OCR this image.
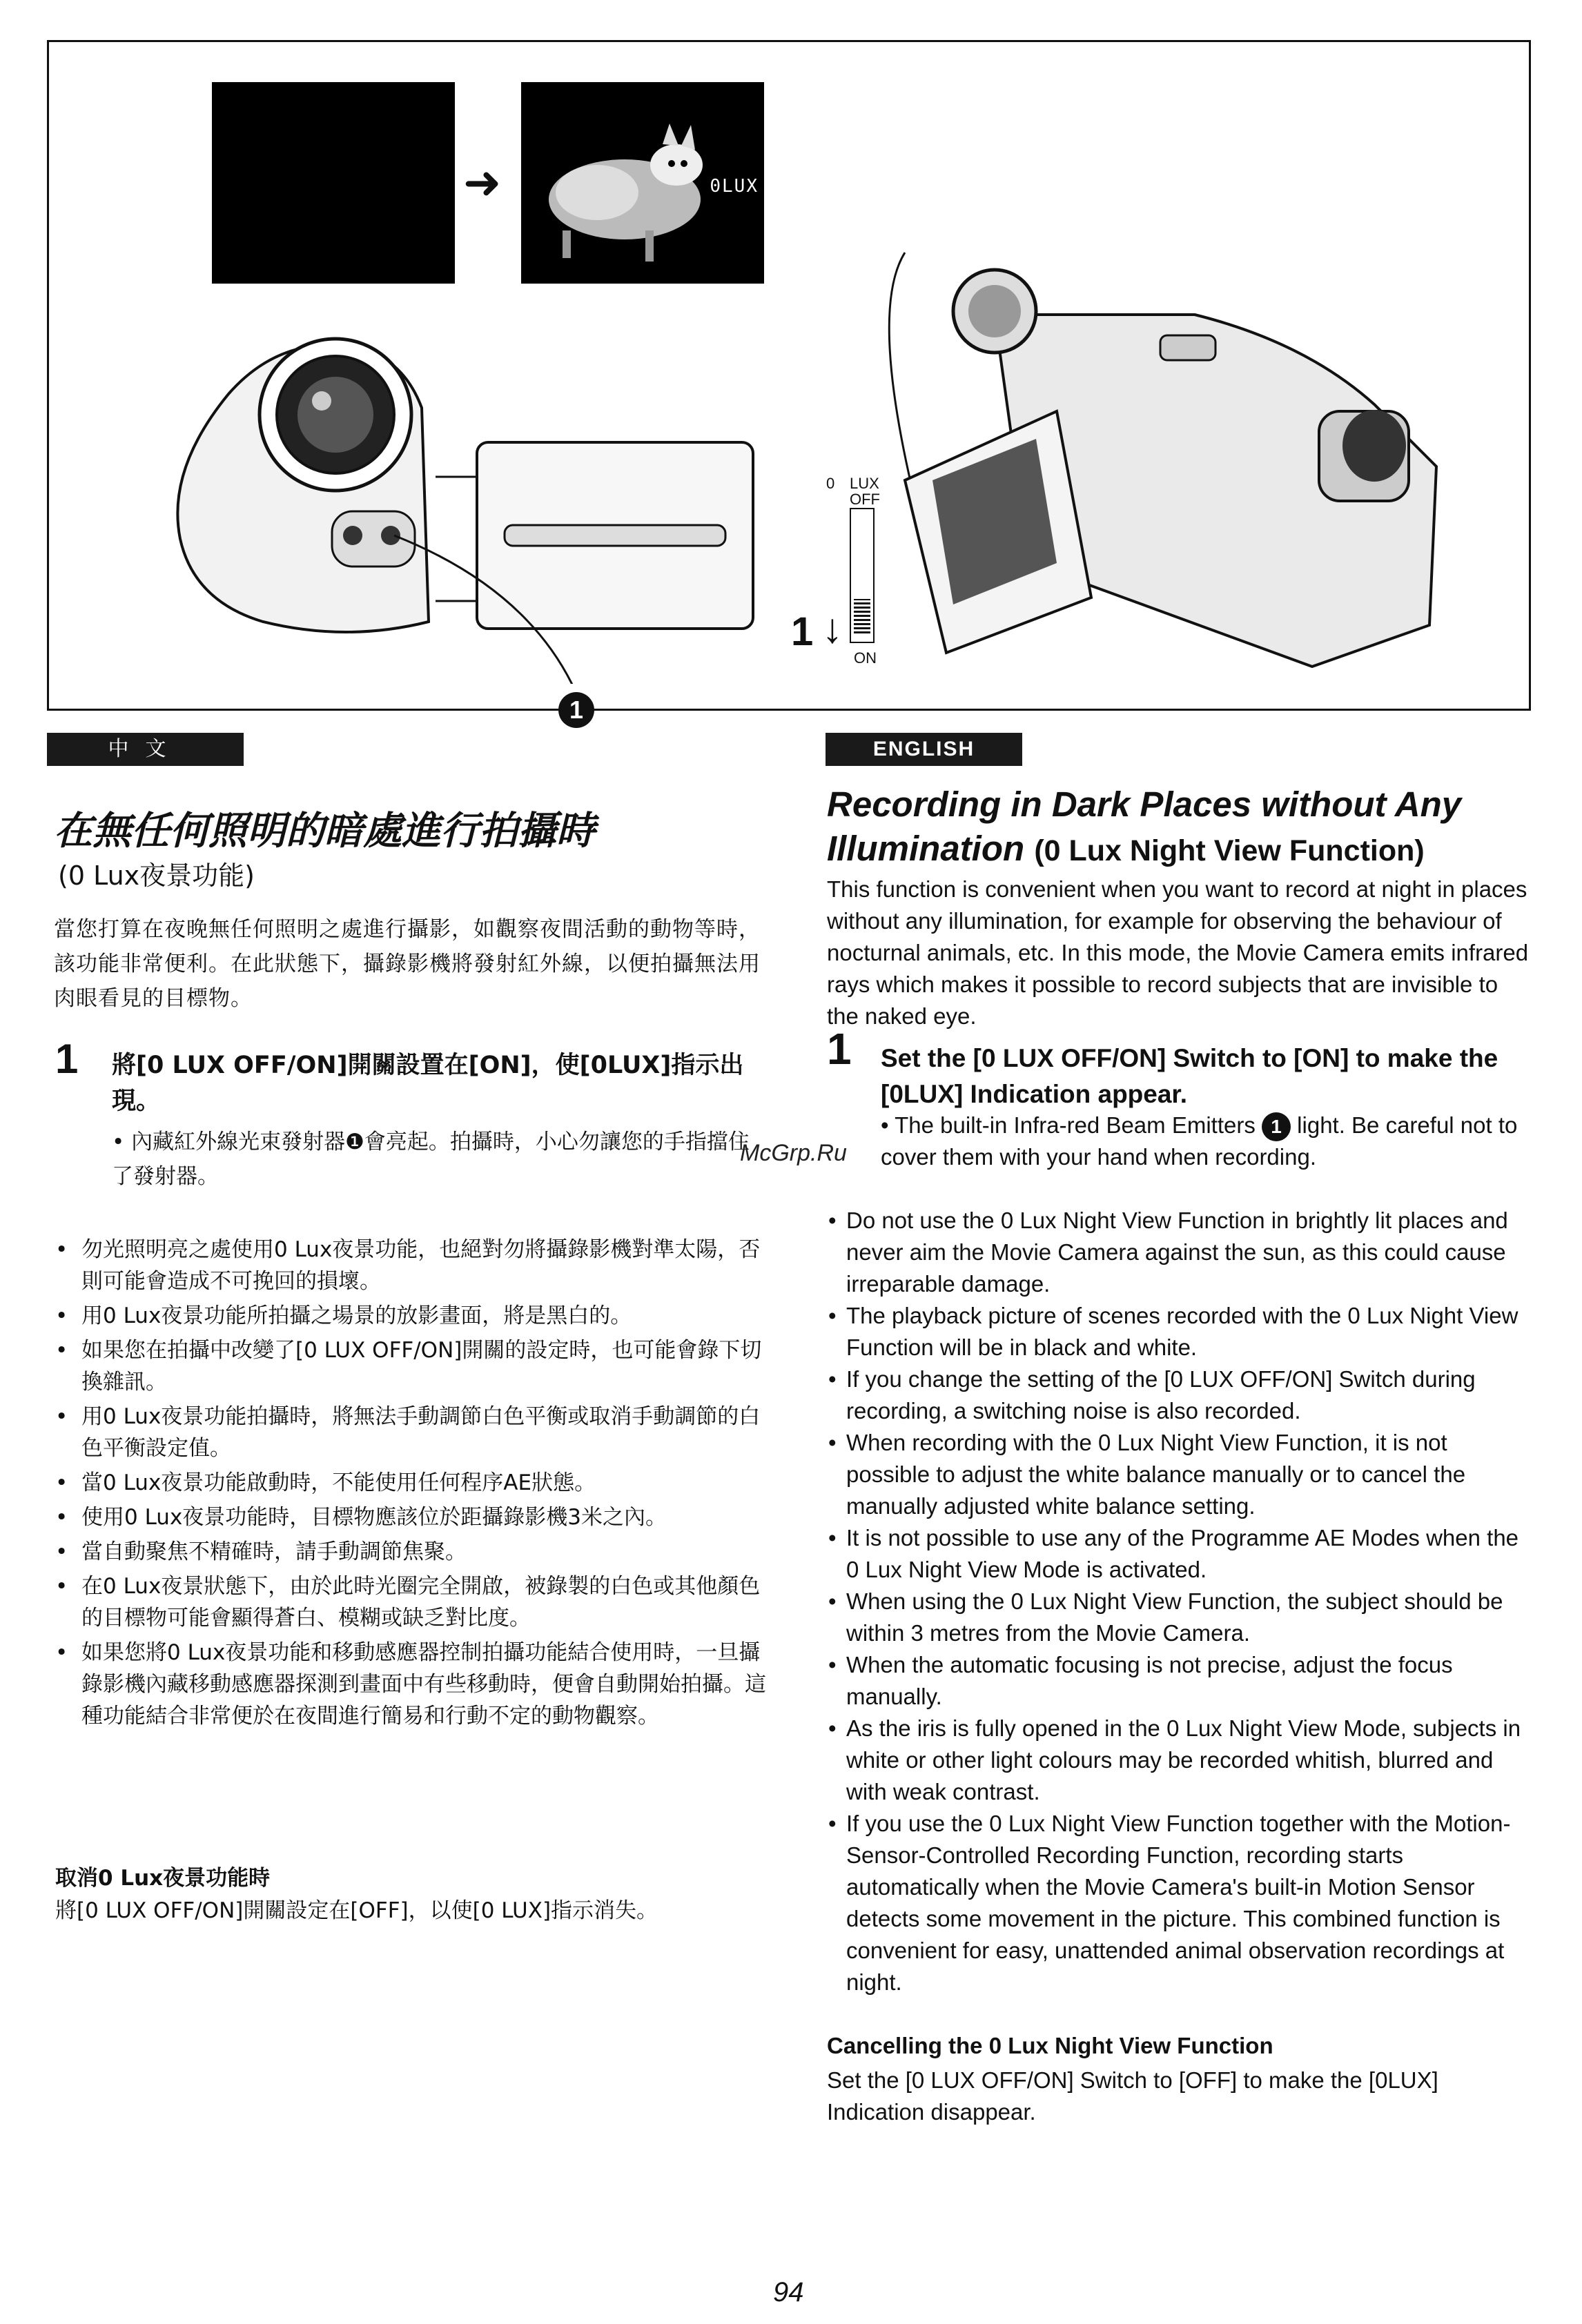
➜	0LUX
0 LUX
OFF
ON
1 ↓
1
中文	ENGLISH
在無任何照明的暗處進行拍攝時
(0 Lux夜景功能)
當您打算在夜晚無任何照明之處進行攝影，如觀察夜間活動的動物等時，該功能非常便利。在此狀態下，攝錄影機將發射紅外線，以便拍攝無法用肉眼看見的目標物。
1 將[0 LUX OFF/ON]開關設置在[ON]，使[0LUX]指示出現。
• 內藏紅外線光束發射器❶會亮起。拍攝時，小心勿讓您的手指擋住了發射器。
• 勿光照明亮之處使用0 Lux夜景功能，也絕對勿將攝錄影機對準太陽，否則可能會造成不可挽回的損壞。
• 用0 Lux夜景功能所拍攝之場景的放影畫面，將是黑白的。
• 如果您在拍攝中改變了[0 LUX OFF/ON]開關的設定時，也可能會錄下切換雜訊。
• 用0 Lux夜景功能拍攝時，將無法手動調節白色平衡或取消手動調節的白色平衡設定值。
• 當0 Lux夜景功能啟動時，不能使用任何程序AE狀態。
• 使用0 Lux夜景功能時，目標物應該位於距攝錄影機3米之內。
• 當自動聚焦不精確時，請手動調節焦聚。
• 在0 Lux夜景狀態下，由於此時光圈完全開啟，被錄製的白色或其他顏色的目標物可能會顯得蒼白、模糊或缺乏對比度。
• 如果您將0 Lux夜景功能和移動感應器控制拍攝功能結合使用時，一旦攝錄影機內藏移動感應器探測到畫面中有些移動時，便會自動開始拍攝。這種功能結合非常便於在夜間進行簡易和行動不定的動物觀察。
取消0 Lux夜景功能時
將[0 LUX OFF/ON]開關設定在[OFF]，以使[0 LUX]指示消失。
Recording in Dark Places without Any Illumination (0 Lux Night View Function)
This function is convenient when you want to record at night in places without any illumination, for example for observing the behaviour of nocturnal animals, etc. In this mode, the Movie Camera emits infrared rays which makes it possible to record subjects that are invisible to the naked eye.
1 Set the [0 LUX OFF/ON] Switch to [ON] to make the [0LUX] Indication appear.
• The built-in Infra-red Beam Emitters 1 light. Be careful not to cover them with your hand when recording.
• Do not use the 0 Lux Night View Function in brightly lit places and never aim the Movie Camera against the sun, as this could cause irreparable damage.
• The playback picture of scenes recorded with the 0 Lux Night View Function will be in black and white.
• If you change the setting of the [0 LUX OFF/ON] Switch during recording, a switching noise is also recorded.
• When recording with the 0 Lux Night View Function, it is not possible to adjust the white balance manually or to cancel the manually adjusted white balance setting.
• It is not possible to use any of the Programme AE Modes when the 0 Lux Night View Mode is activated.
• When using the 0 Lux Night View Function, the subject should be within 3 metres from the Movie Camera.
• When the automatic focusing is not precise, adjust the focus manually.
• As the iris is fully opened in the 0 Lux Night View Mode, subjects in white or other light colours may be recorded whitish, blurred and with weak contrast.
• If you use the 0 Lux Night View Function together with the Motion-Sensor-Controlled Recording Function, recording starts automatically when the Movie Camera's built-in Motion Sensor detects some movement in the picture. This combined function is convenient for easy, unattended animal observation recordings at night.
Cancelling the 0 Lux Night View Function
Set the [0 LUX OFF/ON] Switch to [OFF] to make the [0LUX] Indication disappear.
McGrp.Ru
94
